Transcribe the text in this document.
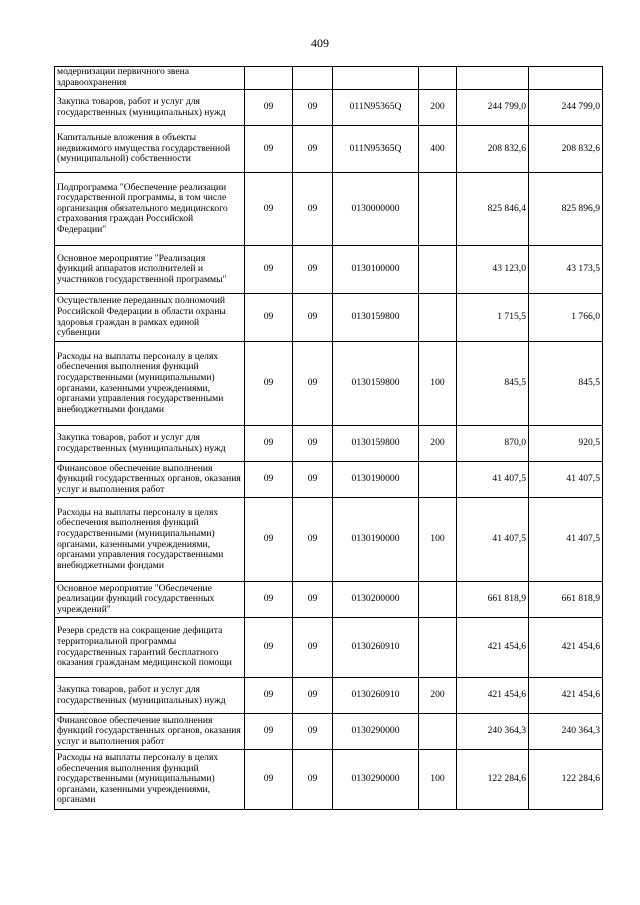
409
модернизации первичного звена здравоохранения						
Закупка товаров, работ и услуг для государственных (муниципальных) нужд	09	09	011N95365Q	200	244 799,0	244 799,0
Капитальные вложения в объекты недвижимого имущества государственной (муниципальной) собственности	09	09	011N95365Q	400	208 832,6	208 832,6
Подпрограмма "Обеспечение реализации государственной программы, в том числе организация обязательного медицинского страхования граждан Российской Федерации"	09	09	0130000000		825 846,4	825 896,9
Основное мероприятие "Реализация функций аппаратов исполнителей и участников государственной программы"	09	09	0130100000		43 123,0	43 173,5
Осуществление переданных полномочий Российской Федерации в области охраны здоровья граждан в рамках единой субвенции	09	09	0130159800		1 715,5	1 766,0
Расходы на выплаты персоналу в целях обеспечения выполнения функций государственными (муниципальными) органами, казенными учреждениями, органами управления государственными внебюджетными фондами	09	09	0130159800	100	845,5	845,5
Закупка товаров, работ и услуг для государственных (муниципальных) нужд	09	09	0130159800	200	870,0	920,5
Финансовое обеспечение выполнения функций государственных органов, оказания услуг и выполнения работ	09	09	0130190000		41 407,5	41 407,5
Расходы на выплаты персоналу в целях обеспечения выполнения функций государственными (муниципальными) органами, казенными учреждениями, органами управления государственными внебюджетными фондами	09	09	0130190000	100	41 407,5	41 407,5
Основное мероприятие "Обеспечение реализации функций государственных учреждений"	09	09	0130200000		661 818,9	661 818,9
Резерв средств на сокращение дефицита территориальной программы государственных гарантий бесплатного оказания гражданам медицинской помощи	09	09	0130260910		421 454,6	421 454,6
Закупка товаров, работ и услуг для государственных (муниципальных) нужд	09	09	0130260910	200	421 454,6	421 454,6
Финансовое обеспечение выполнения функций государственных органов, оказания услуг и выполнения работ	09	09	0130290000		240 364,3	240 364,3
Расходы на выплаты персоналу в целях обеспечения выполнения функций государственными (муниципальными) органами, казенными учреждениями, органами	09	09	0130290000	100	122 284,6	122 284,6
